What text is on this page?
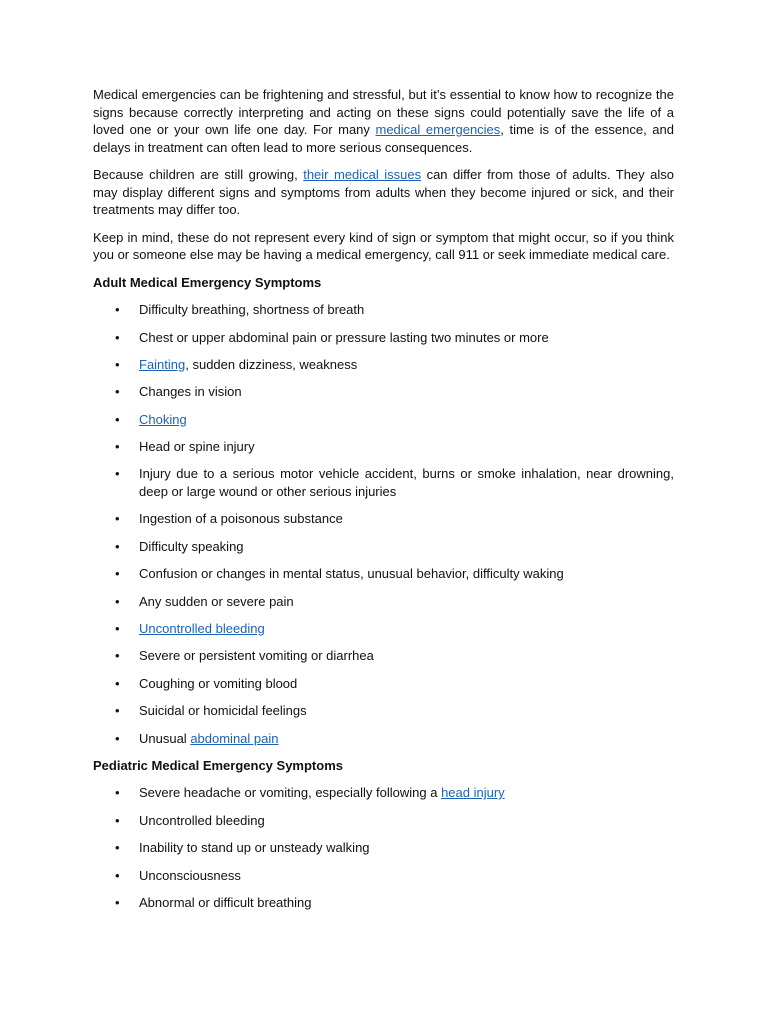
Medical emergencies can be frightening and stressful, but it’s essential to know how to recognize the signs because correctly interpreting and acting on these signs could potentially save the life of a loved one or your own life one day. For many medical emergencies, time is of the essence, and delays in treatment can often lead to more serious consequences.

Because children are still growing, their medical issues can differ from those of adults. They also may display different signs and symptoms from adults when they become injured or sick, and their treatments may differ too.

Keep in mind, these do not represent every kind of sign or symptom that might occur, so if you think you or someone else may be having a medical emergency, call 911 or seek immediate medical care.

Adult Medical Emergency Symptoms
• Difficulty breathing, shortness of breath
• Chest or upper abdominal pain or pressure lasting two minutes or more
• Fainting, sudden dizziness, weakness
• Changes in vision
• Choking
• Head or spine injury
• Injury due to a serious motor vehicle accident, burns or smoke inhalation, near drowning, deep or large wound or other serious injuries
• Ingestion of a poisonous substance
• Difficulty speaking
• Confusion or changes in mental status, unusual behavior, difficulty waking
• Any sudden or severe pain
• Uncontrolled bleeding
• Severe or persistent vomiting or diarrhea
• Coughing or vomiting blood
• Suicidal or homicidal feelings
• Unusual abdominal pain
Pediatric Medical Emergency Symptoms
• Severe headache or vomiting, especially following a head injury
• Uncontrolled bleeding
• Inability to stand up or unsteady walking
• Unconsciousness
• Abnormal or difficult breathing
